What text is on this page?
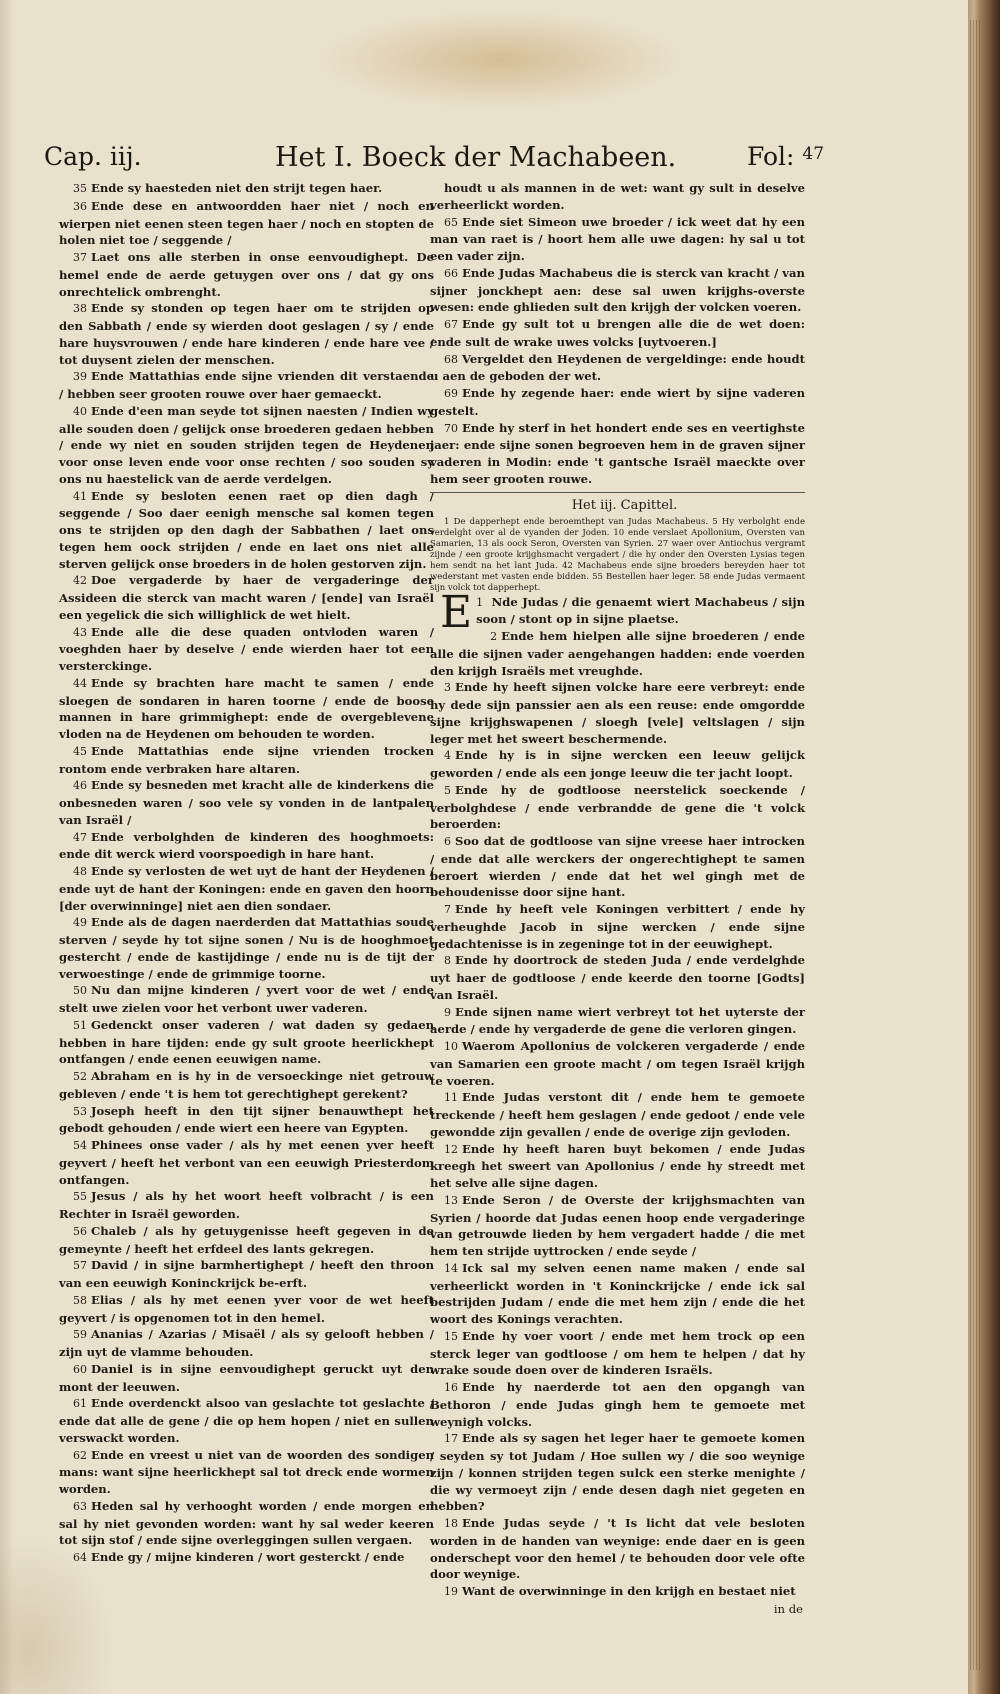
Cap. iij.	Het I. Boeck der Machabeen.	Fol: $^{47}$

35 Ende sy haesteden niet den strijt tegen haer.

36 Ende dese en antwoordden haer niet / noch en wierpen niet eenen steen tegen haer / noch en stopten de holen niet toe / seggende /

37 Laet ons alle sterben in onse eenvoudighept. De hemel ende de aerde getuygen over ons / dat gy ons onrechtelick ombrenght.

38 Ende sy stonden op tegen haer om te strijden op den Sabbath / ende sy wierden doot geslagen / sy / ende hare huysvrouwen / ende hare kinderen / ende hare vee / tot duysent zielen der menschen.

39 Ende Mattathias ende sijne vrienden dit verstaende / hebben seer grooten rouwe over haer gemaeckt.

40 Ende d'een man seyde tot sijnen naesten / Indien wy alle souden doen / gelijck onse broederen gedaen hebben / ende wy niet en souden strijden tegen de Heydenen voor onse leven ende voor onse rechten / soo souden sy ons nu haestelick van de aerde verdelgen.

41 Ende sy besloten eenen raet op dien dagh / seggende / Soo daer eenigh mensche sal komen tegen ons te strijden op den dagh der Sabbathen / laet ons tegen hem oock strijden / ende en laet ons niet alle sterven gelijck onse broeders in de holen gestorven zijn.

42 Doe vergaderde by haer de vergaderinge der Assideen die sterck van macht waren / [ende] van Israël een yegelick die sich willighlick de wet hielt.

43 Ende alle die dese quaden ontvloden waren / voeghden haer by deselve / ende wierden haer tot een versterckinge.

44 Ende sy brachten hare macht te samen / ende sloegen de sondaren in haren toorne / ende de boose mannen in hare grimmighept: ende de overgeblevene vloden na de Heydenen om behouden te worden.

45 Ende Mattathias ende sijne vrienden trocken rontom ende verbraken hare altaren.

46 Ende sy besneden met kracht alle de kinderkens die onbesneden waren / soo vele sy vonden in de lantpalen van Israël /

47 Ende verbolghden de kinderen des hooghmoets: ende dit werck wierd voorspoedigh in hare hant.

48 Ende sy verlosten de wet uyt de hant der Heydenen / ende uyt de hant der Koningen: ende en gaven den hoorn [der overwinninge] niet aen dien sondaer.

49 Ende als de dagen naerderden dat Mattathias soude sterven / seyde hy tot sijne sonen / Nu is de hooghmoet gestercht / ende de kastijdinge / ende nu is de tijt der verwoestinge / ende de grimmige toorne.

50 Nu dan mijne kinderen / yvert voor de wet / ende stelt uwe zielen voor het verbont uwer vaderen.

51 Gedenckt onser vaderen / wat daden sy gedaen hebben in hare tijden: ende gy sult groote heerlickhept ontfangen / ende eenen eeuwigen name.

52 Abraham en is hy in de versoeckinge niet getrouw gebleven / ende 't is hem tot gerechtighept gerekent?

53 Joseph heeft in den tijt sijner benauwthept het gebodt gehouden / ende wiert een heere van Egypten.

54 Phinees onse vader / als hy met eenen yver heeft geyvert / heeft het verbont van een eeuwigh Priesterdom ontfangen.

55 Jesus / als hy het woort heeft volbracht / is een Rechter in Israël geworden.

56 Chaleb / als hy getuygenisse heeft gegeven in de gemeynte / heeft het erfdeel des lants gekregen.

57 David / in sijne barmhertighept / heeft den throon van een eeuwigh Koninckrijck be-erft.

58 Elias / als hy met eenen yver voor de wet heeft geyvert / is opgenomen tot in den hemel.

59 Ananias / Azarias / Misaël / als sy gelooft hebben / zijn uyt de vlamme behouden.

60 Daniel is in sijne eenvoudighept geruckt uyt den mont der leeuwen.

61 Ende overdenckt alsoo van geslachte tot geslachte / ende dat alle de gene / die op hem hopen / niet en sullen verswackt worden.

62 Ende en vreest u niet van de woorden des sondigen mans: want sijne heerlickhept sal tot dreck ende wormen worden.

63 Heden sal hy verhooght worden / ende morgen en sal hy niet gevonden worden: want hy sal weder keeren tot sijn stof / ende sijne overleggingen sullen vergaen.

64 Ende gy / mijne kinderen / wort gesterckt / ende

houdt u als mannen in de wet: want gy sult in deselve verheerlickt worden.

65 Ende siet Simeon uwe broeder / ick weet dat hy een man van raet is / hoort hem alle uwe dagen: hy sal u tot een vader zijn.

66 Ende Judas Machabeus die is sterck van kracht / van sijner jonckhept aen: dese sal uwen krijghs-overste wesen: ende ghlieden sult den krijgh der volcken voeren.

67 Ende gy sult tot u brengen alle die de wet doen: ende sult de wrake uwes volcks [uytvoeren.]

68 Vergeldet den Heydenen de vergeldinge: ende houdt u aen de geboden der wet.

69 Ende hy zegende haer: ende wiert by sijne vaderen gestelt.

70 Ende hy sterf in het hondert ende ses en veertighste jaer: ende sijne sonen begroeven hem in de graven sijner vaderen in Modin: ende 't gantsche Israël maeckte over hem seer grooten rouwe.

Het iij. Capittel.

1 De dapperhept ende beroemthept van Judas Machabeus. 5 Hy verbolght ende verdelght over al de vyanden der Joden. 10 ende verslaet Apollonium, Oversten van Samarien, 13 als oock Seron, Oversten van Syrien. 27 waer over Antiochus vergramt zijnde / een groote krijghsmacht vergadert / die hy onder den Oversten Lysias tegen hem sendt na het lant Juda. 42 Machabeus ende sijne broeders bereyden haer tot wederstant met vasten ende bidden. 55 Bestellen haer leger. 58 ende Judas vermaent sijn volck tot dapperhept.

E 1 Nde Judas / die genaemt wiert Machabeus / sijn soon / stont op in sijne plaetse.

2 Ende hem hielpen alle sijne broederen / ende alle die sijnen vader aengehangen hadden: ende voerden den krijgh Israëls met vreughde.

3 Ende hy heeft sijnen volcke hare eere verbreyt: ende hy dede sijn panssier aen als een reuse: ende omgordde sijne krijghswapenen / sloegh [vele] veltslagen / sijn leger met het sweert beschermende.

4 Ende hy is in sijne wercken een leeuw gelijck geworden / ende als een jonge leeuw die ter jacht loopt.

5 Ende hy de godtloose neerstelick soeckende / verbolghdese / ende verbrandde de gene die 't volck beroerden:

6 Soo dat de godtloose van sijne vreese haer introcken / ende dat alle werckers der ongerechtighept te samen beroert wierden / ende dat het wel gingh met de behoudenisse door sijne hant.

7 Ende hy heeft vele Koningen verbittert / ende hy verheughde Jacob in sijne wercken / ende sijne gedachtenisse is in zegeninge tot in der eeuwighept.

8 Ende hy doortrock de steden Juda / ende verdelghde uyt haer de godtloose / ende keerde den toorne [Godts] van Israël.

9 Ende sijnen name wiert verbreyt tot het uyterste der aerde / ende hy vergaderde de gene die verloren gingen.

10 Waerom Apollonius de volckeren vergaderde / ende van Samarien een groote macht / om tegen Israël krijgh te voeren.

11 Ende Judas verstont dit / ende hem te gemoete treckende / heeft hem geslagen / ende gedoot / ende vele gewondde zijn gevallen / ende de overige zijn gevloden.

12 Ende hy heeft haren buyt bekomen / ende Judas kreegh het sweert van Apollonius / ende hy streedt met het selve alle sijne dagen.

13 Ende Seron / de Overste der krijghsmachten van Syrien / hoorde dat Judas eenen hoop ende vergaderinge van getrouwde lieden by hem vergadert hadde / die met hem ten strijde uyttrocken / ende seyde /

14 Ick sal my selven eenen name maken / ende sal verheerlickt worden in 't Koninckrijcke / ende ick sal bestrijden Judam / ende die met hem zijn / ende die het woort des Konings verachten.

15 Ende hy voer voort / ende met hem trock op een sterck leger van godtloose / om hem te helpen / dat hy wrake soude doen over de kinderen Israëls.

16 Ende hy naerderde tot aen den opgangh van Bethoron / ende Judas gingh hem te gemoete met weynigh volcks.

17 Ende als sy sagen het leger haer te gemoete komen / seyden sy tot Judam / Hoe sullen wy / die soo weynige zijn / konnen strijden tegen sulck een sterke menighte / die wy vermoeyt zijn / ende desen dagh niet gegeten en hebben?

18 Ende Judas seyde / 't Is licht dat vele besloten worden in de handen van weynige: ende daer en is geen onderschept voor den hemel / te behouden door vele ofte door weynige.

19 Want de overwinninge in den krijgh en bestaet niet

in de
